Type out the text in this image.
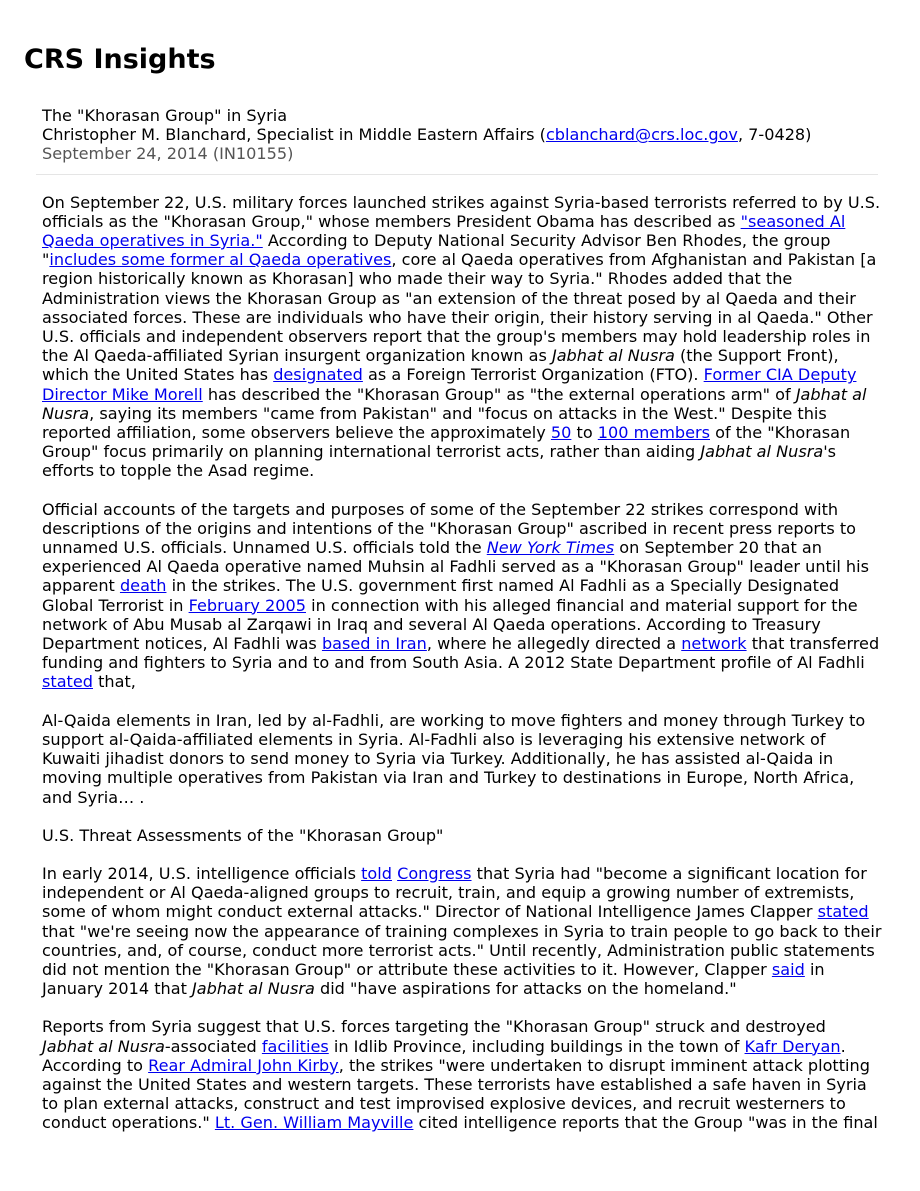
CRS Insights
The "Khorasan Group" in Syria
Christopher M. Blanchard, Specialist in Middle Eastern Affairs (cblanchard@crs.loc.gov, 7-0428)
September 24, 2014 (IN10155)

On September 22, U.S. military forces launched strikes against Syria-based terrorists referred to by U.S. officials as the "Khorasan Group," whose members President Obama has described as "seasoned Al Qaeda operatives in Syria." According to Deputy National Security Advisor Ben Rhodes, the group "includes some former al Qaeda operatives, core al Qaeda operatives from Afghanistan and Pakistan [a region historically known as Khorasan] who made their way to Syria." Rhodes added that the Administration views the Khorasan Group as "an extension of the threat posed by al Qaeda and their associated forces. These are individuals who have their origin, their history serving in al Qaeda." Other U.S. officials and independent observers report that the group's members may hold leadership roles in the Al Qaeda-affiliated Syrian insurgent organization known as Jabhat al Nusra (the Support Front), which the United States has designated as a Foreign Terrorist Organization (FTO). Former CIA Deputy Director Mike Morell has described the "Khorasan Group" as "the external operations arm" of Jabhat al Nusra, saying its members "came from Pakistan" and "focus on attacks in the West." Despite this reported affiliation, some observers believe the approximately 50 to 100 members of the "Khorasan Group" focus primarily on planning international terrorist acts, rather than aiding Jabhat al Nusra's efforts to topple the Asad regime.

Official accounts of the targets and purposes of some of the September 22 strikes correspond with descriptions of the origins and intentions of the "Khorasan Group" ascribed in recent press reports to unnamed U.S. officials. Unnamed U.S. officials told the New York Times on September 20 that an experienced Al Qaeda operative named Muhsin al Fadhli served as a "Khorasan Group" leader until his apparent death in the strikes. The U.S. government first named Al Fadhli as a Specially Designated Global Terrorist in February 2005 in connection with his alleged financial and material support for the network of Abu Musab al Zarqawi in Iraq and several Al Qaeda operations. According to Treasury Department notices, Al Fadhli was based in Iran, where he allegedly directed a network that transferred funding and fighters to Syria and to and from South Asia. A 2012 State Department profile of Al Fadhli stated that,

Al-Qaida elements in Iran, led by al-Fadhli, are working to move fighters and money through Turkey to support al-Qaida-affiliated elements in Syria. Al-Fadhli also is leveraging his extensive network of Kuwaiti jihadist donors to send money to Syria via Turkey. Additionally, he has assisted al-Qaida in moving multiple operatives from Pakistan via Iran and Turkey to destinations in Europe, North Africa, and Syria… .

U.S. Threat Assessments of the "Khorasan Group"

In early 2014, U.S. intelligence officials told Congress that Syria had "become a significant location for independent or Al Qaeda-aligned groups to recruit, train, and equip a growing number of extremists, some of whom might conduct external attacks." Director of National Intelligence James Clapper stated that "we're seeing now the appearance of training complexes in Syria to train people to go back to their countries, and, of course, conduct more terrorist acts." Until recently, Administration public statements did not mention the "Khorasan Group" or attribute these activities to it. However, Clapper said in January 2014 that Jabhat al Nusra did "have aspirations for attacks on the homeland."

Reports from Syria suggest that U.S. forces targeting the "Khorasan Group" struck and destroyed Jabhat al Nusra-associated facilities in Idlib Province, including buildings in the town of Kafr Deryan. According to Rear Admiral John Kirby, the strikes "were undertaken to disrupt imminent attack plotting against the United States and western targets. These terrorists have established a safe haven in Syria to plan external attacks, construct and test improvised explosive devices, and recruit westerners to conduct operations." Lt. Gen. William Mayville cited intelligence reports that the Group "was in the final
